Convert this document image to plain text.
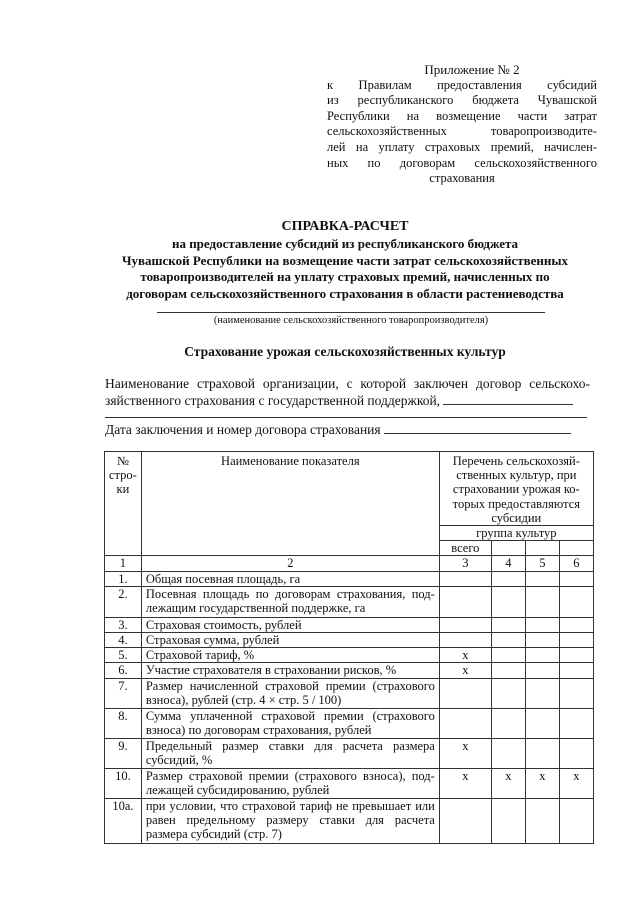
Приложение № 2
к Правилам предоставления субсидий
из республиканского бюджета Чувашской
Республики на возмещение части затрат
сельскохозяйственных товаропроизводите-
лей на уплату страховых премий, начислен-
ных по договорам сельскохозяйственного
страхования
СПРАВКА-РАСЧЕТ
на предоставление субсидий из республиканского бюджета
Чувашской Республики на возмещение части затрат сельскохозяйственных
товаропроизводителей на уплату страховых премий, начисленных по
договорам сельскохозяйственного страхования в области растениеводства
(наименование сельскохозяйственного товаропроизводителя)
Страхование урожая сельскохозяйственных культур
Наименование страховой организации, с которой заключен договор сельскохо-
зяйственного страхования с государственной поддержкой,
Дата заключения и номер договора страхования
№ стро- ки	Наименование показателя	Перечень сельскохозяй- ственных культур, при страховании урожая ко- торых предоставляются субсидии			
		группа культур			
		всего			
1	2	3	4	5	6
1.	Общая посевная площадь, га				
2.	Посевная площадь по договорам страхования, под- лежащим государственной поддержке, га				
3.	Страховая стоимость, рублей				
4.	Страховая сумма, рублей				
5.	Страховой тариф, %	х			
6.	Участие страхователя в страховании рисков, %	х			
7.	Размер начисленной страховой премии (страхового взноса), рублей (стр. 4 × стр. 5 / 100)				
8.	Сумма уплаченной страховой премии (страхового взноса) по договорам страхования, рублей				
9.	Предельный размер ставки для расчета размера субсидий, %	х			
10.	Размер страховой премии (страхового взноса), под- лежащей субсидированию, рублей	х	х	х	х
10а.	при условии, что страховой тариф не превышает или равен предельному размеру ставки для расчета размера субсидий (стр. 7)				
